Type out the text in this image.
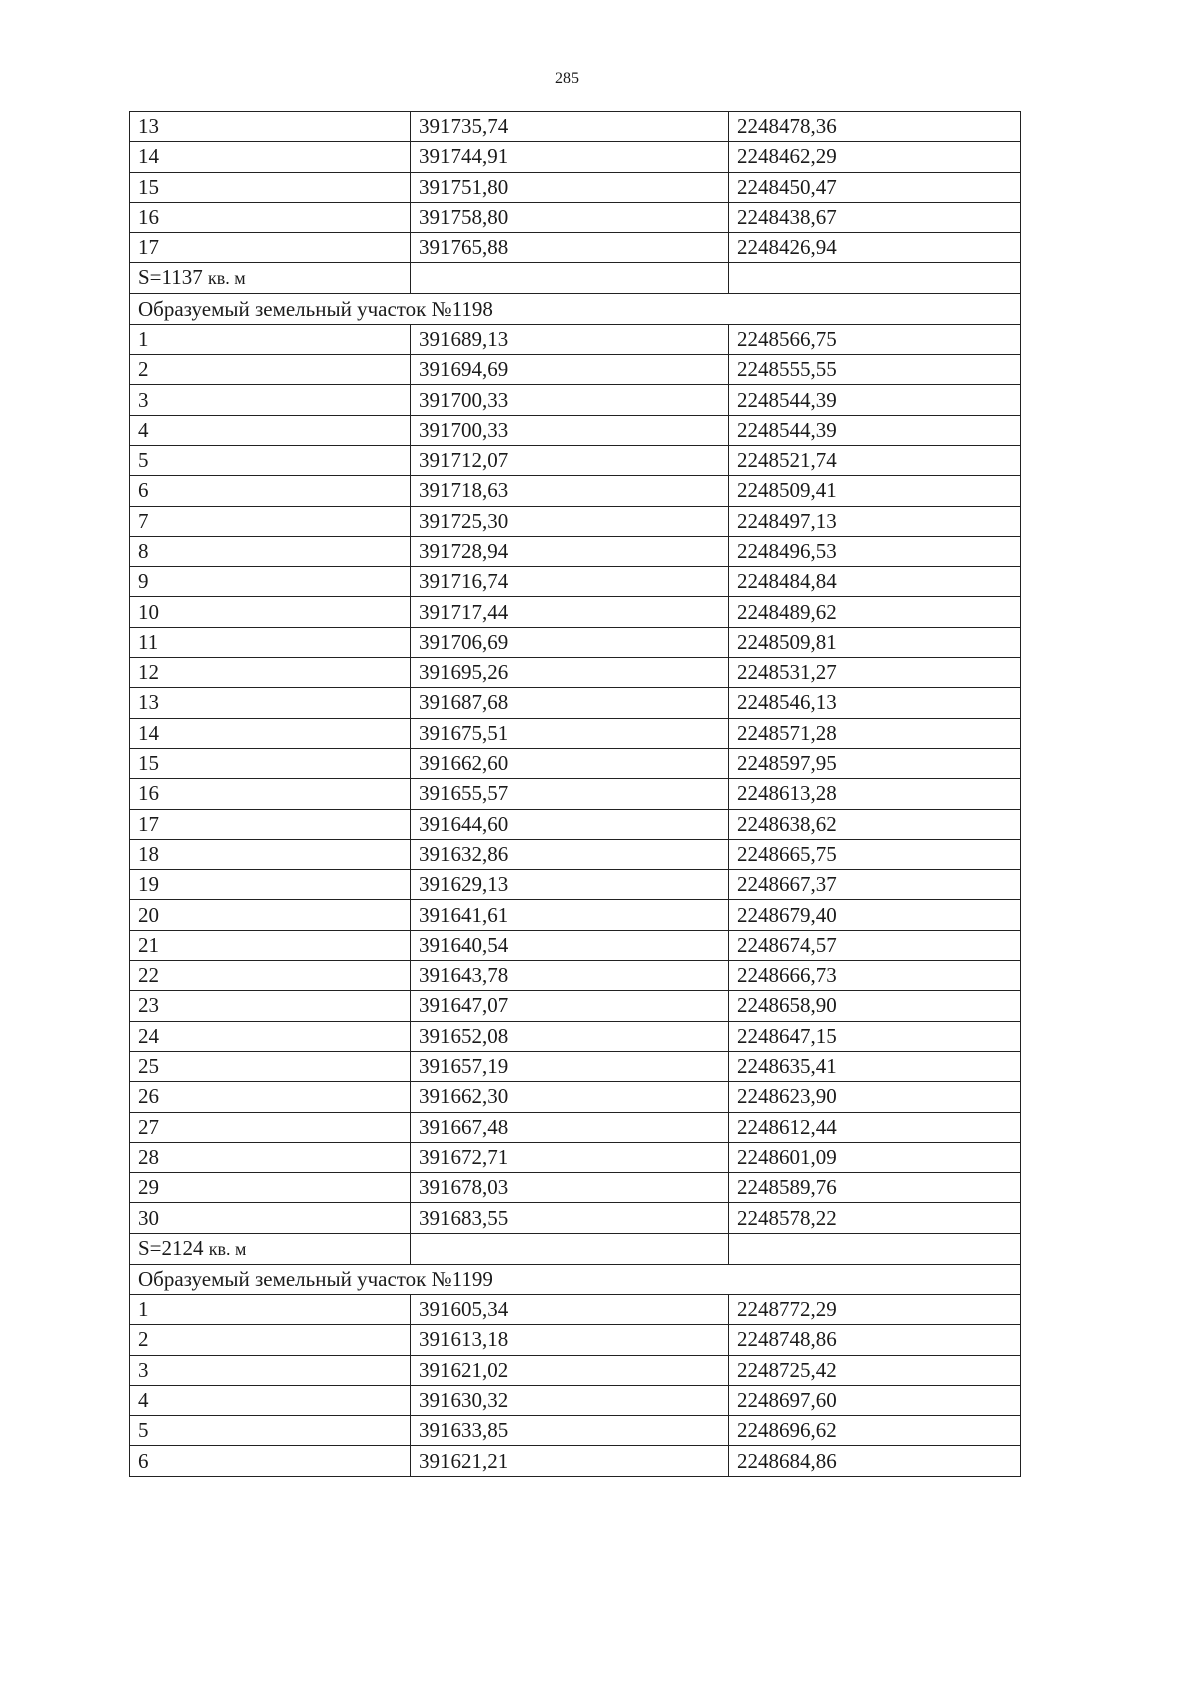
285
13	391735,74	2248478,36
14	391744,91	2248462,29
15	391751,80	2248450,47
16	391758,80	2248438,67
17	391765,88	2248426,94
S=1137 кв. м		
Образуемый земельный участок №1198		
1	391689,13	2248566,75
2	391694,69	2248555,55
3	391700,33	2248544,39
4	391700,33	2248544,39
5	391712,07	2248521,74
6	391718,63	2248509,41
7	391725,30	2248497,13
8	391728,94	2248496,53
9	391716,74	2248484,84
10	391717,44	2248489,62
11	391706,69	2248509,81
12	391695,26	2248531,27
13	391687,68	2248546,13
14	391675,51	2248571,28
15	391662,60	2248597,95
16	391655,57	2248613,28
17	391644,60	2248638,62
18	391632,86	2248665,75
19	391629,13	2248667,37
20	391641,61	2248679,40
21	391640,54	2248674,57
22	391643,78	2248666,73
23	391647,07	2248658,90
24	391652,08	2248647,15
25	391657,19	2248635,41
26	391662,30	2248623,90
27	391667,48	2248612,44
28	391672,71	2248601,09
29	391678,03	2248589,76
30	391683,55	2248578,22
S=2124 кв. м		
Образуемый земельный участок №1199		
1	391605,34	2248772,29
2	391613,18	2248748,86
3	391621,02	2248725,42
4	391630,32	2248697,60
5	391633,85	2248696,62
6	391621,21	2248684,86
